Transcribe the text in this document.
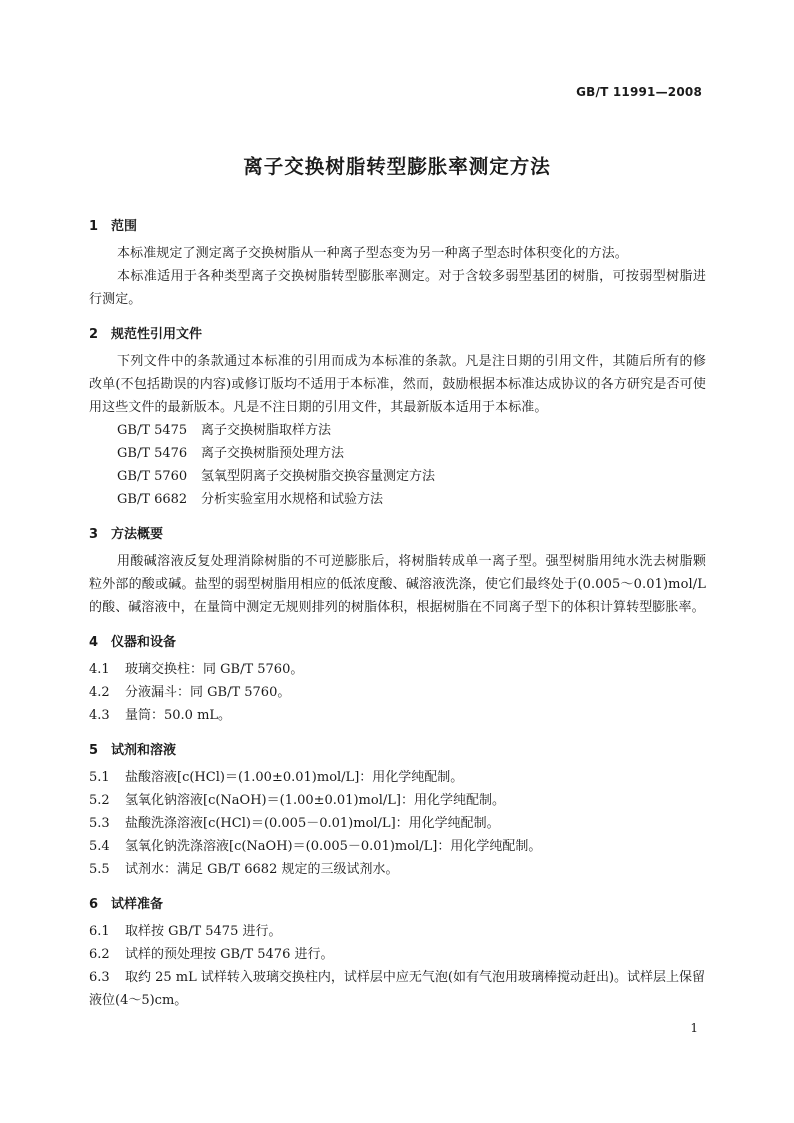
GB/T 11991—2008
离子交换树脂转型膨胀率测定方法
1 范围

本标准规定了测定离子交换树脂从一种离子型态变为另一种离子型态时体积变化的方法。

本标准适用于各种类型离子交换树脂转型膨胀率测定。对于含较多弱型基团的树脂，可按弱型树脂进行测定。

2 规范性引用文件

下列文件中的条款通过本标准的引用而成为本标准的条款。凡是注日期的引用文件，其随后所有的修改单(不包括勘误的内容)或修订版均不适用于本标准，然而，鼓励根据本标准达成协议的各方研究是否可使用这些文件的最新版本。凡是不注日期的引用文件，其最新版本适用于本标准。

GB/T 5475 离子交换树脂取样方法
GB/T 5476 离子交换树脂预处理方法
GB/T 5760 氢氧型阴离子交换树脂交换容量测定方法
GB/T 6682 分析实验室用水规格和试验方法
3 方法概要

用酸碱溶液反复处理消除树脂的不可逆膨胀后，将树脂转成单一离子型。强型树脂用纯水洗去树脂颗粒外部的酸或碱。盐型的弱型树脂用相应的低浓度酸、碱溶液洗涤，使它们最终处于(0.005～0.01)mol/L的酸、碱溶液中，在量筒中测定无规则排列的树脂体积，根据树脂在不同离子型下的体积计算转型膨胀率。

4 仪器和设备
4.1 玻璃交换柱：同 GB/T 5760。
4.2 分液漏斗：同 GB/T 5760。
4.3 量筒：50.0 mL。
5 试剂和溶液
5.1 盐酸溶液[c(HCl)＝(1.00±0.01)mol/L]：用化学纯配制。
5.2 氢氧化钠溶液[c(NaOH)＝(1.00±0.01)mol/L]：用化学纯配制。
5.3 盐酸洗涤溶液[c(HCl)＝(0.005－0.01)mol/L]：用化学纯配制。
5.4 氢氧化钠洗涤溶液[c(NaOH)＝(0.005－0.01)mol/L]：用化学纯配制。
5.5 试剂水：满足 GB/T 6682 规定的三级试剂水。
6 试样准备
6.1 取样按 GB/T 5475 进行。
6.2 试样的预处理按 GB/T 5476 进行。
6.3 取约 25 mL 试样转入玻璃交换柱内，试样层中应无气泡(如有气泡用玻璃棒搅动赶出)。试样层上保留液位(4～5)cm。
1
